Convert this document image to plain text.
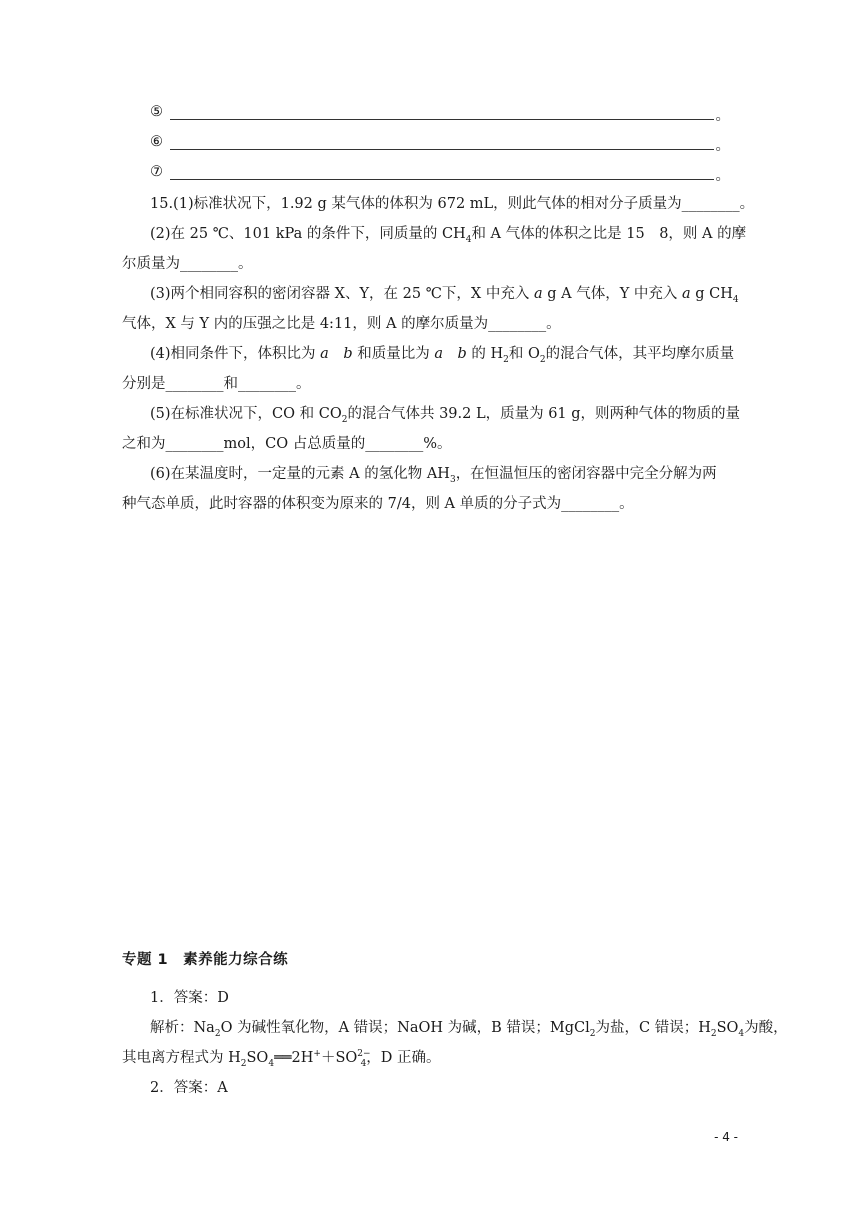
⑤	。
⑥	。
⑦	。
15.(1)标准状况下，1.92 g 某气体的体积为 672 mL，则此气体的相对分子质量为________。
(2)在 25 ℃、101 kPa 的条件下，同质量的 $CH_4$和 A 气体的体积之比是 15　8，则 A 的摩
尔质量为________。
(3)两个相同容积的密闭容器 X、Y，在 25 ℃下，X 中充入 a g A 气体，Y 中充入 a g $CH_4$
气体，X 与 Y 内的压强之比是 4:11，则 A 的摩尔质量为________。
(4)相同条件下，体积比为 a　 b 和质量比为 a　 b 的 $H_2$和 $O_2$的混合气体，其平均摩尔质量
分别是________和________。
(5)在标准状况下，CO 和 $CO_2$的混合气体共 39.2 L，质量为 61 g，则两种气体的物质的量
之和为________mol，CO 占总质量的________%。
(6)在某温度时，一定量的元素 A 的氢化物 $AH_3$，在恒温恒压的密闭容器中完全分解为两
种气态单质，此时容器的体积变为原来的 7/4，则 A 单质的分子式为________。
专题 1　素养能力综合练
1．答案：D
解析：$Na_2O$ 为碱性氧化物，A 错误；NaOH 为碱，B 错误；MgCl$_2$为盐，C 错误；$H_2SO_4$为酸，
其电离方程式为 $H_2SO_4══2H^++SO^{2-}_4$，D 正确。
2．答案：A
- 4 -
